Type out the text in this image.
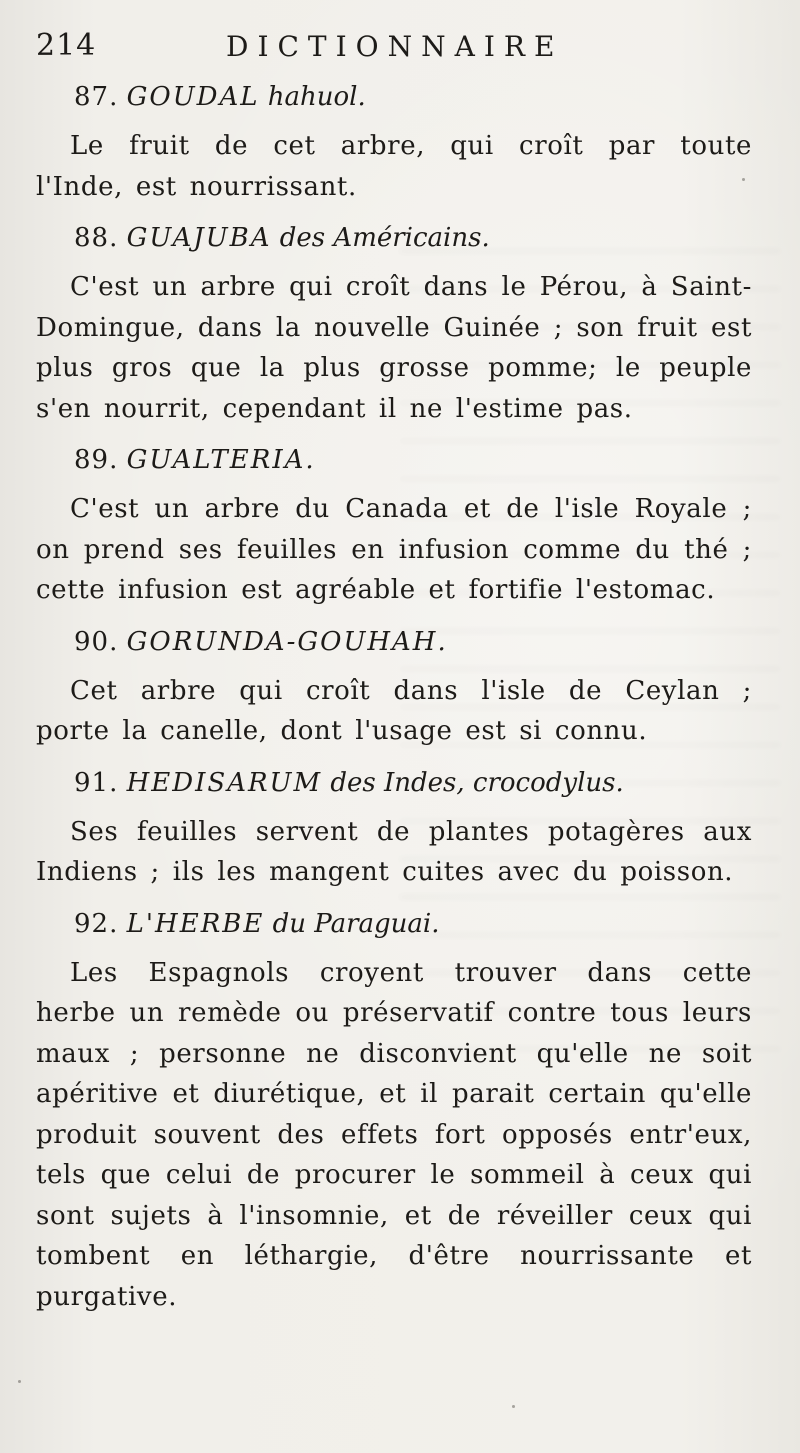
214	DICTIONNAIRE
87. GOUDAL hahuol.

Le fruit de cet arbre, qui croît par toute l'Inde, est nourrissant.

88. GUAJUBA des Américains.

C'est un arbre qui croît dans le Pérou, à Saint-Domingue, dans la nouvelle Guinée ; son fruit est plus gros que la plus grosse pomme; le peuple s'en nourrit, cependant il ne l'estime pas.

89. GUALTERIA.

C'est un arbre du Canada et de l'isle Royale ; on prend ses feuilles en infusion comme du thé ; cette infusion est agréable et fortifie l'estomac.

90. GORUNDA-GOUHAH.

Cet arbre qui croît dans l'isle de Ceylan ; porte la canelle, dont l'usage est si connu.

91. HEDISARUM des Indes, crocodylus.

Ses feuilles servent de plantes potagères aux Indiens ; ils les mangent cuites avec du poisson.

92. L'HERBE du Paraguai.

Les Espagnols croyent trouver dans cette herbe un remède ou préservatif contre tous leurs maux ; personne ne disconvient qu'elle ne soit apéritive et diurétique, et il parait certain qu'elle produit souvent des effets fort opposés entr'eux, tels que celui de procurer le sommeil à ceux qui sont sujets à l'insomnie, et de réveiller ceux qui tombent en léthargie, d'être nourrissante et purgative.
